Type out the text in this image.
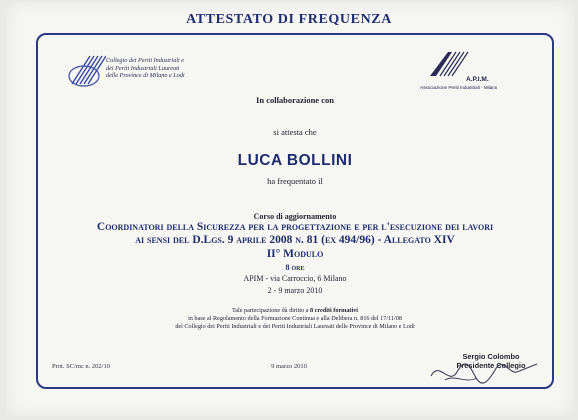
ATTESTATO DI FREQUENZA
Collegio dei Periti Industriali e
dei Periti Industriali Laureati
delle Province di Milano e Lodi
A.P.I.M.
Associazione Periti Industriali - Milano
In collaborazione con
si attesta che
LUCA BOLLINI
ha frequentato il
Corso di aggiornamento
Coordinatori della Sicurezza per la progettazione e per l'esecuzione dei lavori
ai sensi del D.Lgs. 9 aprile 2008 n. 81 (ex 494/96) - Allegato XIV
II° Modulo
8 ore
APIM - via Carroccio, 6 Milano
2 - 9 marzo 2010
Tale partecipazione dà diritto a 8 crediti formativi
in base al Regolamento della Formazione Continua e alla Delibera n. 816 del 17/11/08
del Collegio dei Periti Industriali e dei Periti Industriali Laureati delle Province di Milano e Lodi
Prot. SC/mc n. 202/10	9 marzo 2010
Sergio Colombo
Presidente Collegio
